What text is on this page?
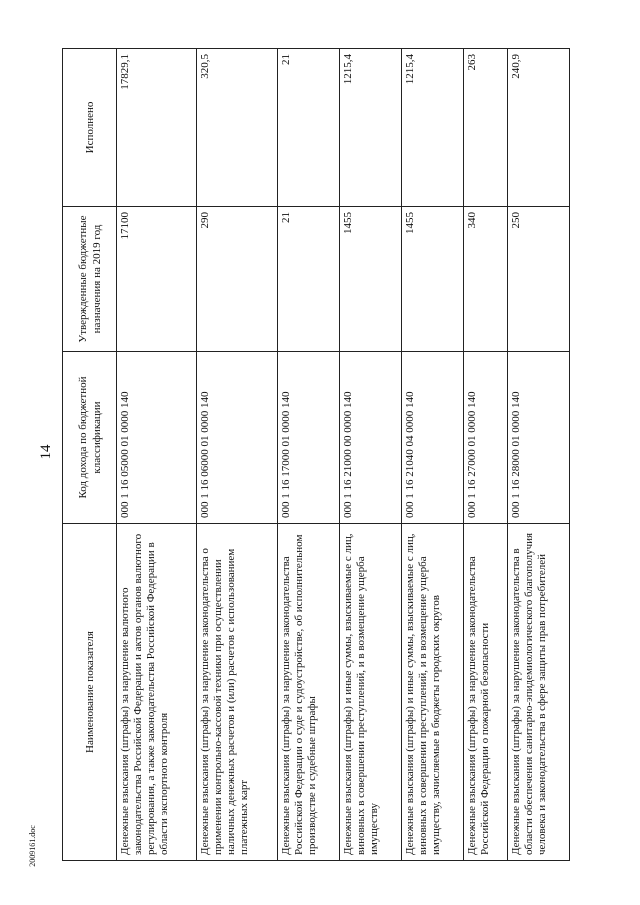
14
Наименование показателя	Код дохода по бюджетной классификации	Утвержденные бюджетные назначения на 2019 год	Исполнено
Денежные взыскания (штрафы) за нарушение валютного законодательства Российской Федерации и актов органов валютного регулирования, а также законодательства Российской Федерации в области экспортного контроля	000 1 16 05000 01 0000 140	17100	17829,1
Денежные взыскания (штрафы) за нарушение законодательства о применении контрольно-кассовой техники при осуществлении наличных денежных расчетов и (или) расчетов с использованием платежных карт	000 1 16 06000 01 0000 140	290	320,5
Денежные взыскания (штрафы) за нарушение законодательства Российской Федерации о суде и судоустройстве, об исполнительном производстве и судебные штрафы	000 1 16 17000 01 0000 140	21	21
Денежные взыскания (штрафы) и иные суммы, взыскиваемые с лиц, виновных в совершении преступлений, и в возмещение ущерба имуществу	000 1 16 21000 00 0000 140	1455	1215,4
Денежные взыскания (штрафы) и иные суммы, взыскиваемые с лиц, виновных в совершении преступлений, и в возмещение ущерба имуществу, зачисляемые в бюджеты городских округов	000 1 16 21040 04 0000 140	1455	1215,4
Денежные взыскания (штрафы) за нарушение законодательства Российской Федерации о пожарной безопасности	000 1 16 27000 01 0000 140	340	263
Денежные взыскания (штрафы) за нарушение законодательства в области обеспечения санитарно-эпидемиологического благополучия человека и законодательства в сфере защиты прав потребителей	000 1 16 28000 01 0000 140	250	240,9
2009161.doc
